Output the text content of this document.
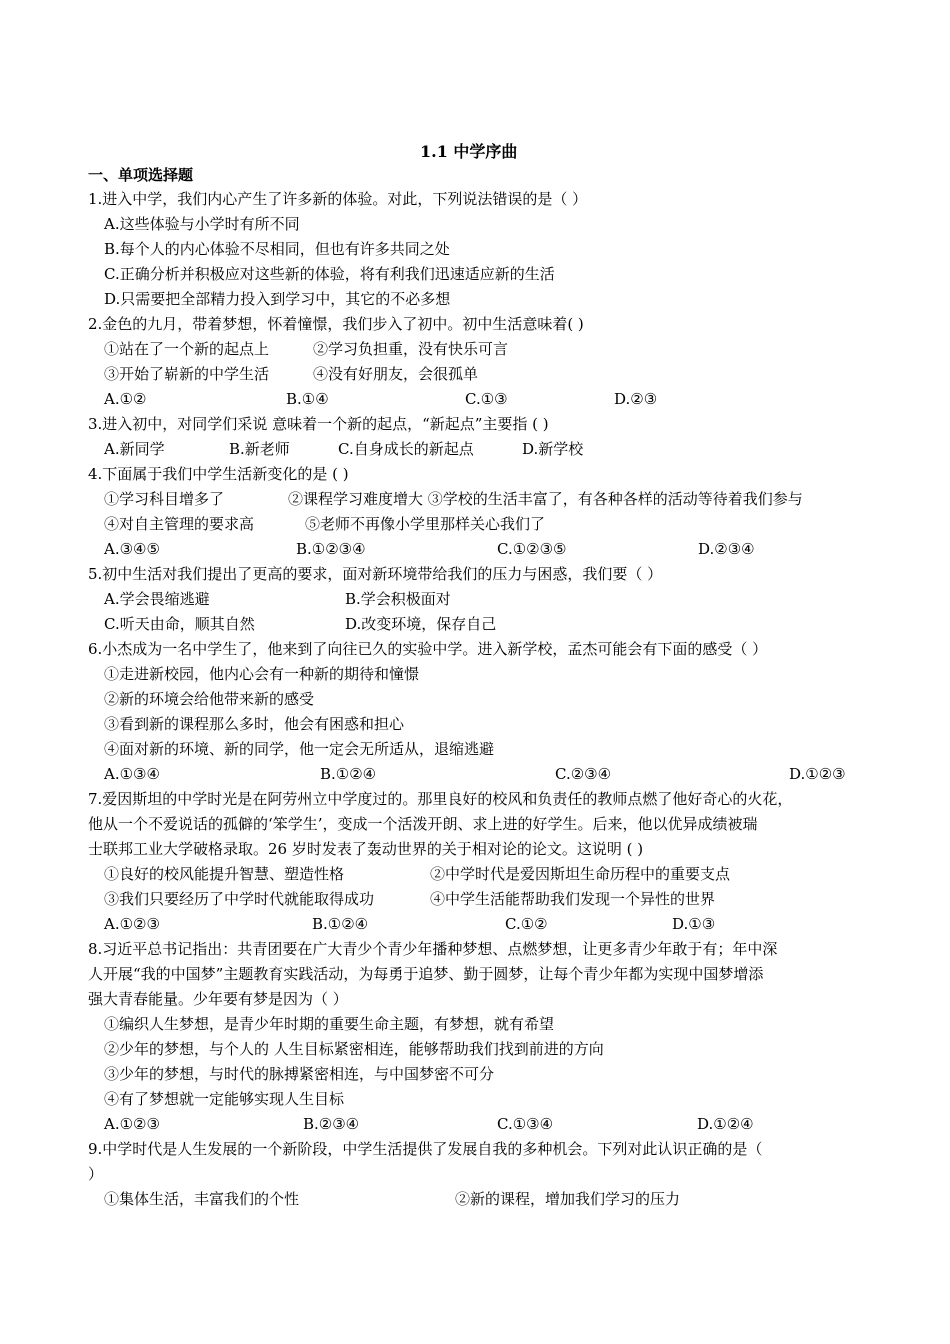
1.1 中学序曲
一、单项选择题
1.进入中学，我们内心产生了许多新的体验。对此，下列说法错误的是（ ）
A.这些体验与小学时有所不同
B.每个人的内心体验不尽相同，但也有许多共同之处
C.正确分析并积极应对这些新的体验，将有利我们迅速适应新的生活
D.只需要把全部精力投入到学习中，其它的不必多想
2.金色的九月，带着梦想，怀着憧憬，我们步入了初中。初中生活意味着( )
①站在了一个新的起点上	②学习负担重，没有快乐可言
③开始了崭新的中学生活	④没有好朋友，会很孤单
A.①②	B.①④	C.①③	D.②③
3.进入初中，对同学们采说 意味着一个新的起点，“新起点”主要指 ( )
A.新同学	B.新老师	C.自身成长的新起点	D.新学校
4.下面属于我们中学生活新变化的是 ( )
①学习科目增多了	②课程学习难度增大 ③学校的生活丰富了，有各种各样的活动等待着我们参与
④对自主管理的要求高	⑤老师不再像小学里那样关心我们了
A.③④⑤	B.①②③④	C.①②③⑤	D.②③④
5.初中生活对我们提出了更高的要求，面对新环境带给我们的压力与困惑，我们要（ ）
A.学会畏缩逃避	B.学会积极面对
C.听天由命，顺其自然	D.改变环境，保存自己
6.小杰成为一名中学生了，他来到了向往已久的实验中学。进入新学校，孟杰可能会有下面的感受（ ）
①走进新校园，他内心会有一种新的期待和憧憬
②新的环境会给他带来新的感受
③看到新的课程那么多时，他会有困惑和担心
④面对新的环境、新的同学，他一定会无所适从，退缩逃避
A.①③④	B.①②④	C.②③④	D.①②③
7.爱因斯坦的中学时光是在阿劳州立中学度过的。那里良好的校风和负责任的教师点燃了他好奇心的火花，
他从一个不爱说话的孤僻的‘笨学生’，变成一个活泼开朗、求上进的好学生。后来，他以优异成绩被瑞
士联邦工业大学破格录取。26 岁时发表了轰动世界的关于相对论的论文。这说明 ( )
①良好的校风能提升智慧、塑造性格	②中学时代是爱因斯坦生命历程中的重要支点
③我们只要经历了中学时代就能取得成功	④中学生活能帮助我们发现一个异性的世界
A.①②③	B.①②④	C.①②	D.①③
8.习近平总书记指出：共青团要在广大青少个青少年播种梦想、点燃梦想，让更多青少年敢于有；年中深
人开展“我的中国梦”主题教育实践活动，为每勇于追梦、勤于圆梦，让每个青少年都为实现中国梦增添
强大青春能量。少年要有梦是因为（ ）
①编织人生梦想，是青少年时期的重要生命主题，有梦想，就有希望
②少年的梦想，与个人的 人生目标紧密相连，能够帮助我们找到前进的方向
③少年的梦想，与时代的脉搏紧密相连，与中国梦密不可分
④有了梦想就一定能够实现人生目标
A.①②③	B.②③④	C.①③④	D.①②④
9.中学时代是人生发展的一个新阶段，中学生活提供了发展自我的多种机会。下列对此认识正确的是（
）
①集体生活，丰富我们的个性	②新的课程，增加我们学习的压力
